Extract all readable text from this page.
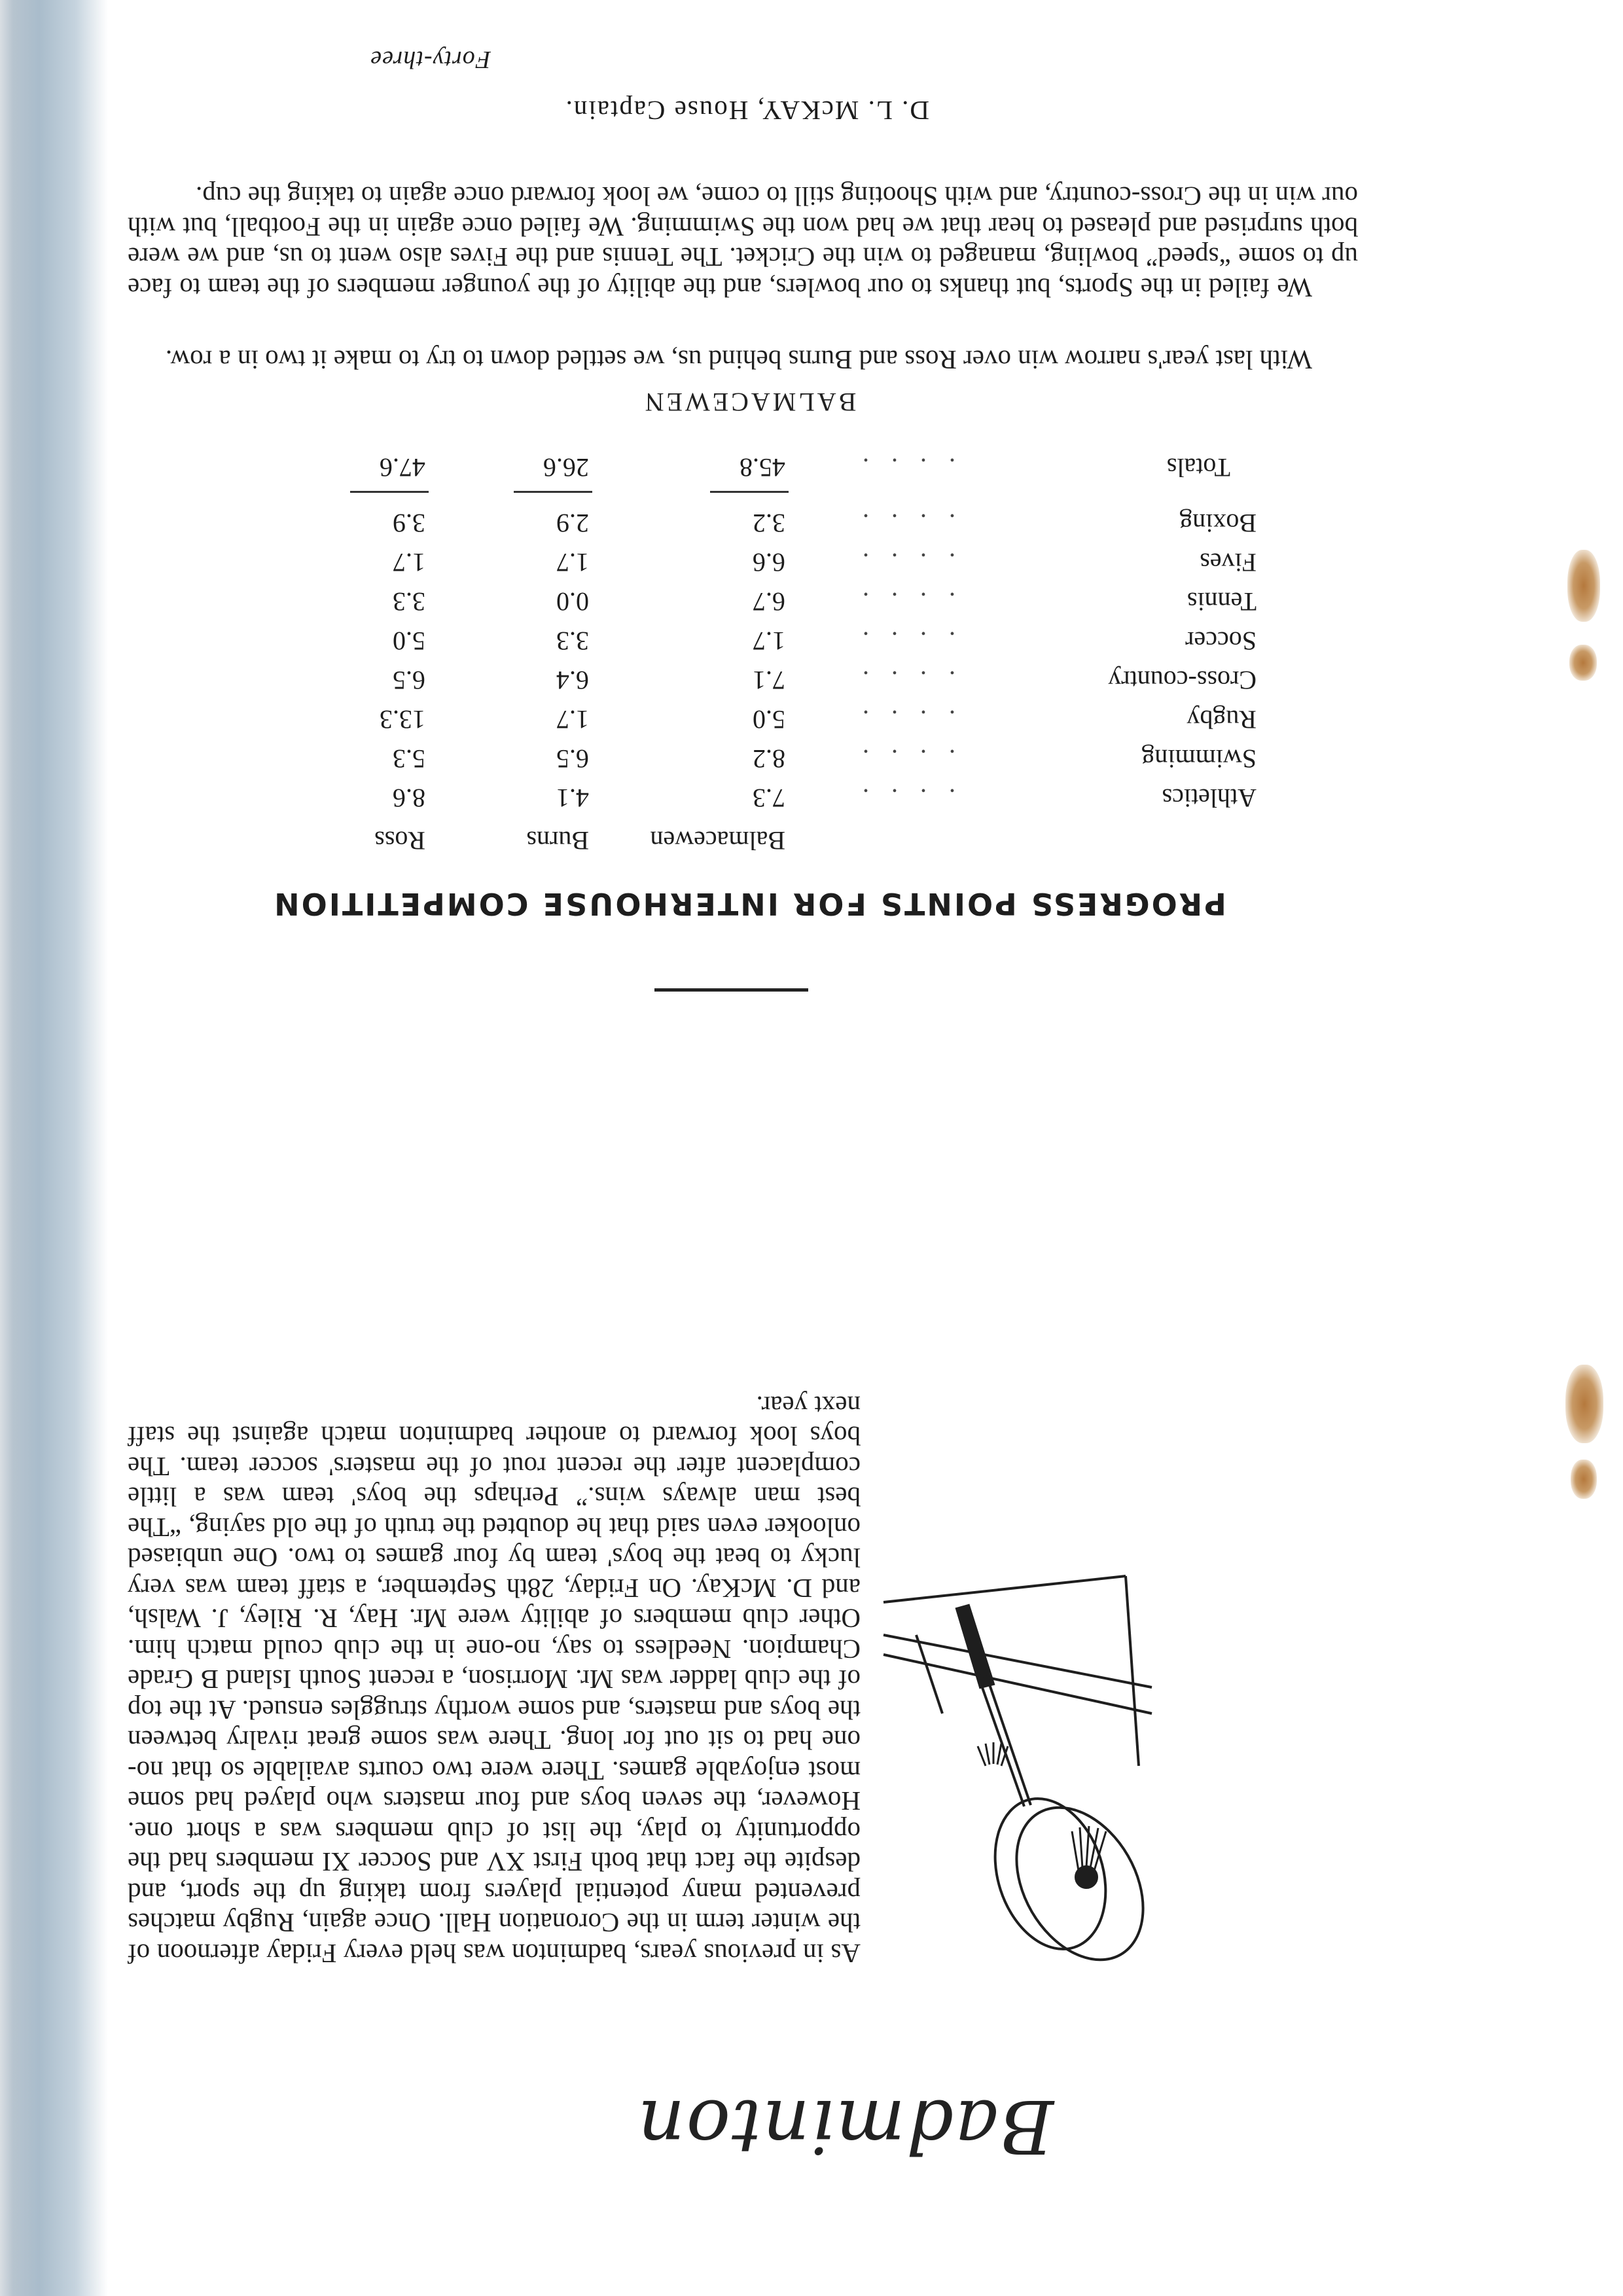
Badminton

As in previous years, badminton was held every Friday afternoon of the winter term in the Coronation Hall. Once again, Rugby matches prevented many potential players from taking up the sport, and despite the fact that both First XV and Soccer XI members had the opportunity to play, the list of club members was a short one. However, the seven boys and four masters who played had some most enjoyable games. There were two courts available so that no-one had to sit out for long. There was some great rivalry between the boys and masters, and some worthy struggles ensued. At the top of the club ladder was Mr. Morrison, a recent South Island B Grade Champion. Needless to say, no-one in the club could match him. Other club members of ability were Mr. Hay, R. Riley, J. Walsh, and D. McKay. On Friday, 28th September, a staff team was very lucky to beat the boys' team by four games to two. One unbiased onlooker even said that he doubted the truth of the old saying, “The best man always wins.” Perhaps the boys' team was a little complacent after the recent rout of the masters' soccer team. The boys look forward to another badminton match against the staff next year.

PROGRESS POINTS FOR INTERHOUSE COMPETITION
Balmacewen
Burns
Ross
Athletics
. . . .
7.3
4.1
8.6
Swimming
. . . .
8.2
6.5
5.3
Rugby
. . . .
5.0
1.7
13.3
Cross-country
. . . .
7.1
6.4
6.5
Soccer
. . . .
1.7
3.3
5.0
Tennis
. . . .
6.7
0.0
3.3
Fives
. . . .
6.6
1.7
1.7
Boxing
. . . .
3.2
2.9
3.9
Totals
. . . .
45.8
26.6
47.6
BALMACEWEN

With last year's narrow win over Ross and Burns behind us, we settled down to try to make it two in a row.

We failed in the Sports, but thanks to our bowlers, and the ability of the younger members of the team to face up to some “speed” bowling, managed to win the Cricket. The Tennis and the Fives also went to us, and we were both surprised and pleased to hear that we had won the Swimming. We failed once again in the Football, but with our win in the Cross-country, and with Shooting still to come, we look forward once again to taking the cup.

D. L. McKAY, House Captain.
Forty-three
